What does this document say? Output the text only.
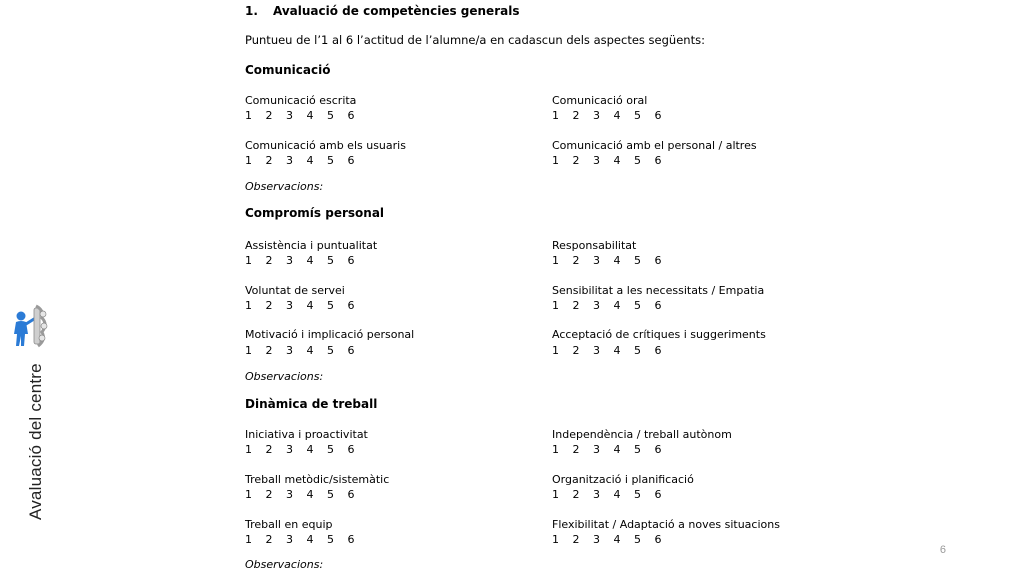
Avaluació del centre
1. Avaluació de competències generals
Puntueu de l’1 al 6 l’actitud de l’alumne/a en cadascun dels aspectes següents:
Comunicació
Comunicació escrita
1 2 3 4 5 6
Comunicació oral
1 2 3 4 5 6
Comunicació amb els usuaris
1 2 3 4 5 6
Comunicació amb el personal / altres
1 2 3 4 5 6
Observacions:
Compromís personal
Assistència i puntualitat
1 2 3 4 5 6
Responsabilitat
1 2 3 4 5 6
Voluntat de servei
1 2 3 4 5 6
Sensibilitat a les necessitats / Empatia
1 2 3 4 5 6
Motivació i implicació personal
1 2 3 4 5 6
Acceptació de crítiques i suggeriments
1 2 3 4 5 6
Observacions:
Dinàmica de treball
Iniciativa i proactivitat
1 2 3 4 5 6
Independència / treball autònom
1 2 3 4 5 6
Treball metòdic/sistemàtic
1 2 3 4 5 6
Organització i planificació
1 2 3 4 5 6
Treball en equip
1 2 3 4 5 6
Flexibilitat / Adaptació a noves situacions
1 2 3 4 5 6
Observacions:
6
